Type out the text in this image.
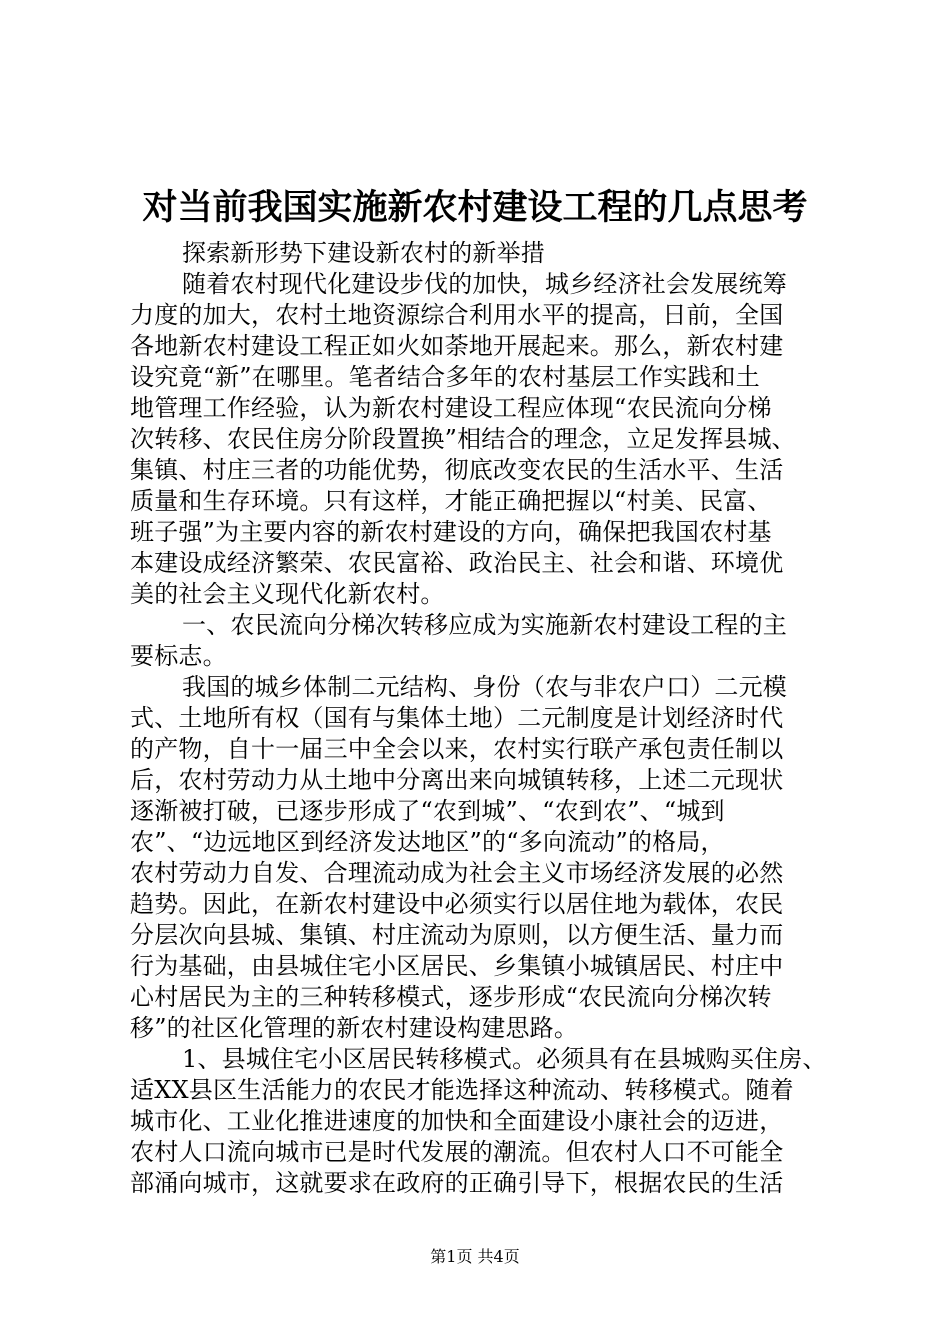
对当前我国实施新农村建设工程的几点思考
探索新形势下建设新农村的新举措
随着农村现代化建设步伐的加快，城乡经济社会发展统筹
力度的加大，农村土地资源综合利用水平的提高，日前，全国
各地新农村建设工程正如火如荼地开展起来。那么，新农村建
设究竟“新”在哪里。笔者结合多年的农村基层工作实践和土
地管理工作经验，认为新农村建设工程应体现“农民流向分梯
次转移、农民住房分阶段置换”相结合的理念，立足发挥县城、
集镇、村庄三者的功能优势，彻底改变农民的生活水平、生活
质量和生存环境。只有这样，才能正确把握以“村美、民富、
班子强”为主要内容的新农村建设的方向，确保把我国农村基
本建设成经济繁荣、农民富裕、政治民主、社会和谐、环境优
美的社会主义现代化新农村。
一、农民流向分梯次转移应成为实施新农村建设工程的主
要标志。
我国的城乡体制二元结构、身份（农与非农户口）二元模
式、土地所有权（国有与集体土地）二元制度是计划经济时代
的产物，自十一届三中全会以来，农村实行联产承包责任制以
后，农村劳动力从土地中分离出来向城镇转移，上述二元现状
逐渐被打破，已逐步形成了“农到城”、“农到农”、“城到
农”、“边远地区到经济发达地区”的“多向流动”的格局，
农村劳动力自发、合理流动成为社会主义市场经济发展的必然
趋势。因此，在新农村建设中必须实行以居住地为载体，农民
分层次向县城、集镇、村庄流动为原则，以方便生活、量力而
行为基础，由县城住宅小区居民、乡集镇小城镇居民、村庄中
心村居民为主的三种转移模式，逐步形成“农民流向分梯次转
移”的社区化管理的新农村建设构建思路。
1、县城住宅小区居民转移模式。必须具有在县城购买住房、
适XX县区生活能力的农民才能选择这种流动、转移模式。随着
城市化、工业化推进速度的加快和全面建设小康社会的迈进，
农村人口流向城市已是时代发展的潮流。但农村人口不可能全
部涌向城市，这就要求在政府的正确引导下，根据农民的生活
第1页 共4页
